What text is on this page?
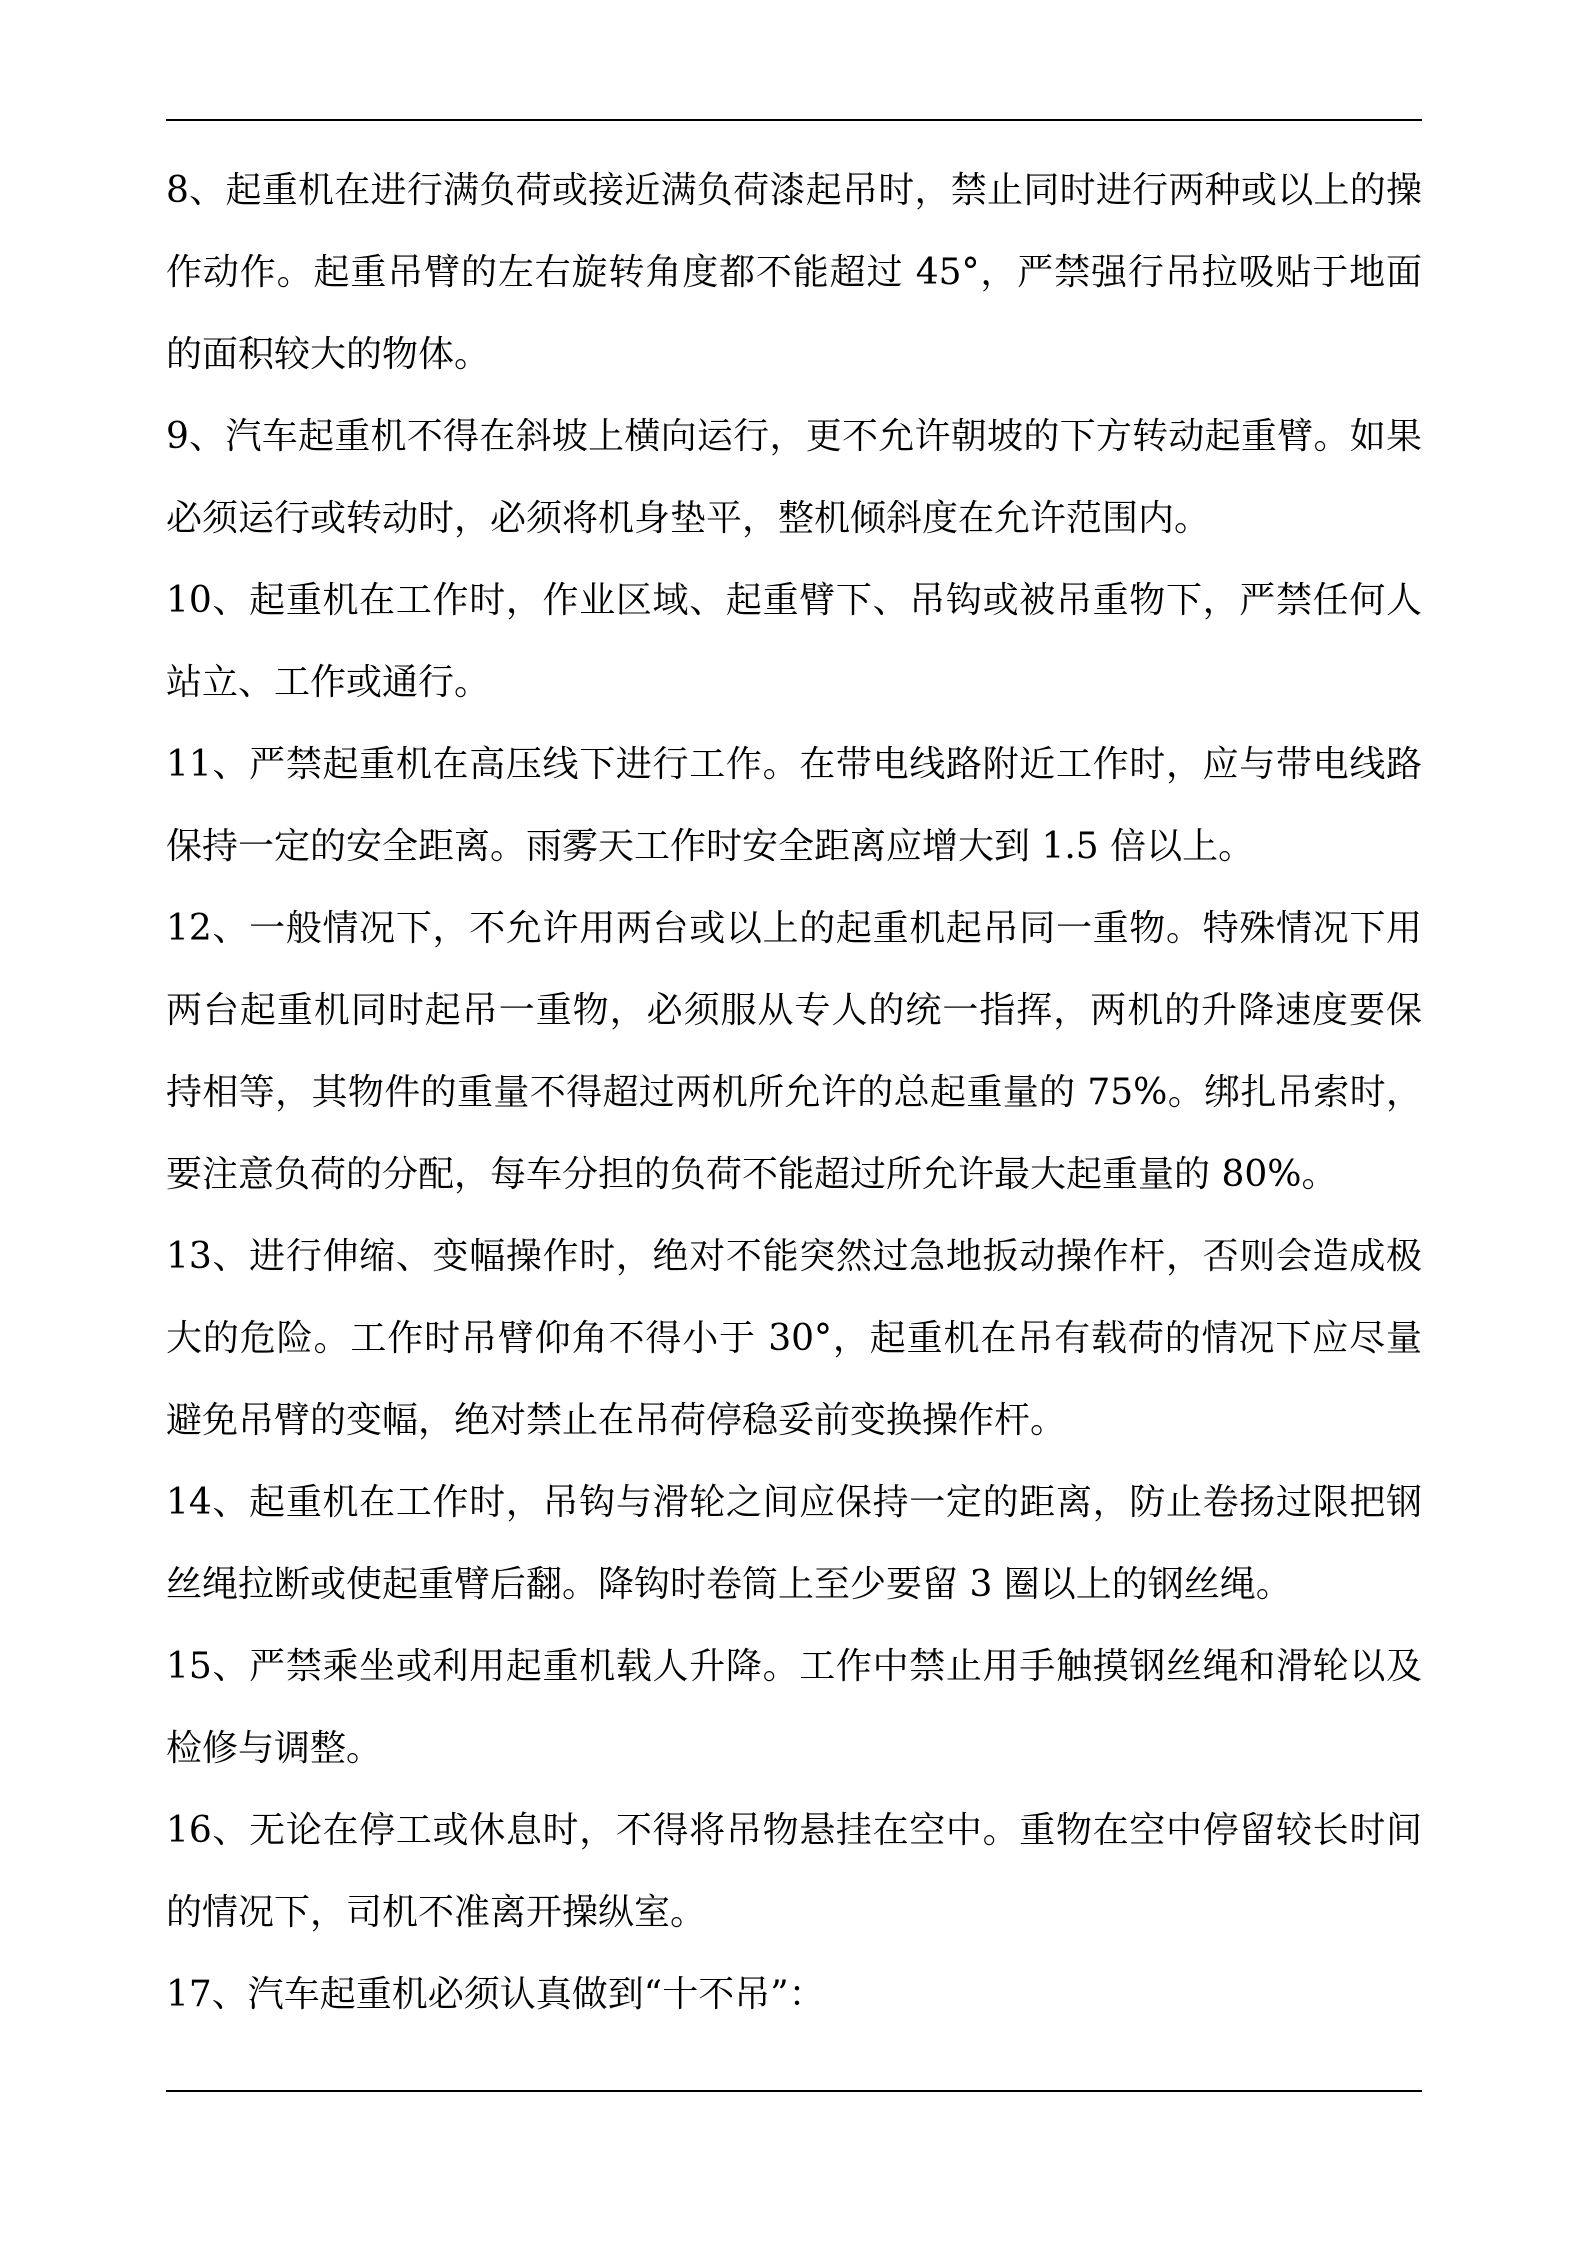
8、起重机在进行满负荷或接近满负荷漆起吊时，禁止同时进行两种或以上的操作动作。起重吊臂的左右旋转角度都不能超过 45°，严禁强行吊拉吸贴于地面的面积较大的物体。

9、汽车起重机不得在斜坡上横向运行，更不允许朝坡的下方转动起重臂。如果必须运行或转动时，必须将机身垫平，整机倾斜度在允许范围内。

10、起重机在工作时，作业区域、起重臂下、吊钩或被吊重物下，严禁任何人站立、工作或通行。

11、严禁起重机在高压线下进行工作。在带电线路附近工作时，应与带电线路保持一定的安全距离。雨雾天工作时安全距离应增大到 1.5 倍以上。

12、一般情况下，不允许用两台或以上的起重机起吊同一重物。特殊情况下用两台起重机同时起吊一重物，必须服从专人的统一指挥，两机的升降速度要保持相等，其物件的重量不得超过两机所允许的总起重量的 75%。绑扎吊索时，要注意负荷的分配，每车分担的负荷不能超过所允许最大起重量的 80%。

13、进行伸缩、变幅操作时，绝对不能突然过急地扳动操作杆，否则会造成极大的危险。工作时吊臂仰角不得小于 30°，起重机在吊有载荷的情况下应尽量避免吊臂的变幅，绝对禁止在吊荷停稳妥前变换操作杆。

14、起重机在工作时，吊钩与滑轮之间应保持一定的距离，防止卷扬过限把钢丝绳拉断或使起重臂后翻。降钩时卷筒上至少要留 3 圈以上的钢丝绳。

15、严禁乘坐或利用起重机载人升降。工作中禁止用手触摸钢丝绳和滑轮以及检修与调整。

16、无论在停工或休息时，不得将吊物悬挂在空中。重物在空中停留较长时间的情况下，司机不准离开操纵室。

17、汽车起重机必须认真做到“十不吊”：
